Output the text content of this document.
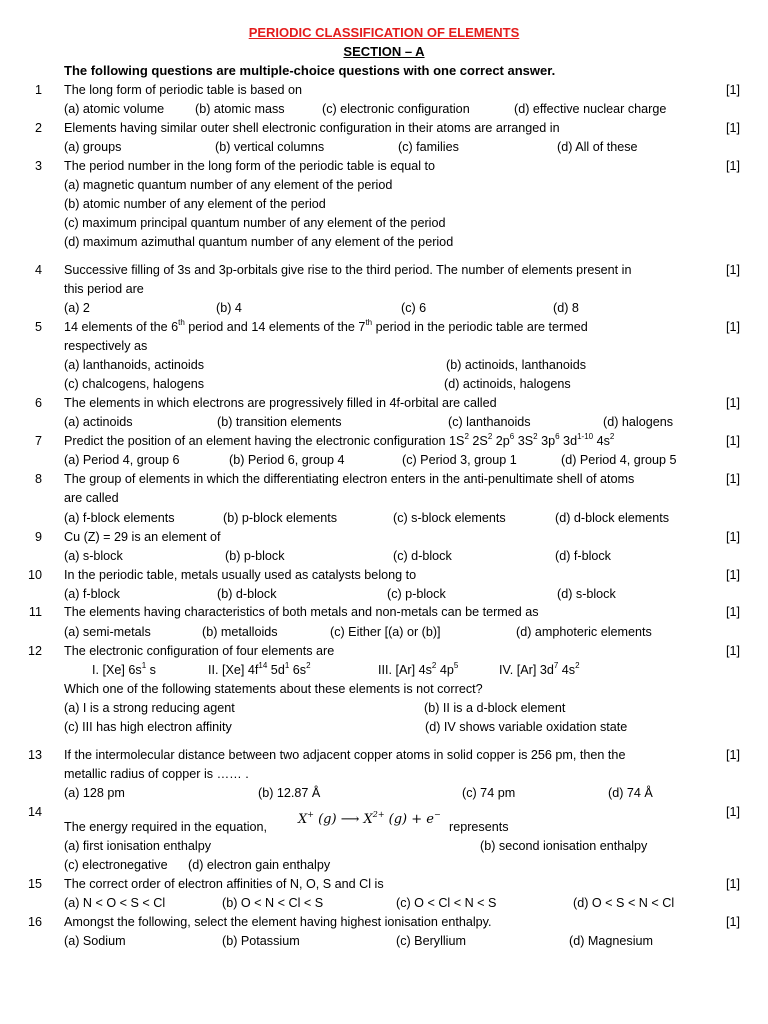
PERIODIC CLASSIFICATION OF ELEMENTS
SECTION – A
The following questions are multiple-choice questions with one correct answer.
1 The long form of periodic table is based on	[1]
(a) atomic volume (b) atomic mass	(c) electronic configuration	(d) effective nuclear charge
2 Elements having similar outer shell electronic configuration in their atoms are arranged in	[1]
(a) groups	(b) vertical columns	(c) families	(d) All of these
3 The period number in the long form of the periodic table is equal to	[1]
(a) magnetic quantum number of any element of the period
(b) atomic number of any element of the period
(c) maximum principal quantum number of any element of the period
(d) maximum azimuthal quantum number of any element of the period
4 Successive filling of 3s and 3p-orbitals give rise to the third period. The number of elements present in	[1]
this period are
(a) 2	(b) 4	(c) 6	(d) 8
5 14 elements of the 6th period and 14 elements of the 7th period in the periodic table are termed	[1]
respectively as
(a) lanthanoids, actinoids	(b) actinoids, lanthanoids
(c) chalcogens, halogens	(d) actinoids, halogens
6 The elements in which electrons are progressively filled in 4f-orbital are called	[1]
(a) actinoids	(b) transition elements	(c) lanthanoids	(d) halogens
7 Predict the position of an element having the electronic configuration $1S^2$ $2S^2$ $2p^6$ $3S^2$ $3p^6$ $3d^{1-10}$ $4s^2$	[1]
(a) Period 4, group 6	(b) Period 6, group 4	(c) Period 3, group 1	(d) Period 4, group 5
8 The group of elements in which the differentiating electron enters in the anti-penultimate shell of atoms	[1]
are called
(a) f-block elements	(b) p-block elements	(c) s-block elements	(d) d-block elements
9 Cu (Z) = 29 is an element of	[1]
(a) s-block	(b) p-block	(c) d-block	(d) f-block
10 In the periodic table, metals usually used as catalysts belong to	[1]
(a) f-block	(b) d-block	(c) p-block	(d) s-block
11 The elements having characteristics of both metals and non-metals can be termed as	[1]
(a) semi-metals	(b) metalloids	(c) Either [(a) or (b)]	(d) amphoteric elements
12 The electronic configuration of four elements are	[1]
I. [Xe] $6s^1$ s	II. [Xe] $4f^{14}$ $5d^1$ $6s^2$	III. [Ar] $4s^2$ $4p^5$	IV. [Ar] $3d^7$ $4s^2$
Which one of the following statements about these elements is not correct?
(a) I is a strong reducing agent	(b) II is a d-block element
(c) III has high electron affinity	(d) IV shows variable oxidation state
13 If the intermolecular distance between two adjacent copper atoms in solid copper is 256 pm, then the	[1]
metallic radius of copper is …… .
(a) 128 pm	(b) 12.87 Å	(c) 74 pm	(d) 74 Å
14	[1]
The energy required in the equation, X+ (g) ⟶ $X^{2+}$ (g) + e−
represents
(a) first ionisation enthalpy	(b) second ionisation enthalpy
(c) electronegative (d) electron gain enthalpy
15 The correct order of electron affinities of N, O, S and Cl is	[1]
(a) N < O < S < Cl	(b) O < N < Cl < S	(c) O < Cl < N < S	(d) O < S < N < Cl
16 Amongst the following, select the element having highest ionisation enthalpy.	[1]
(a) Sodium	(b) Potassium	(c) Beryllium	(d) Magnesium
